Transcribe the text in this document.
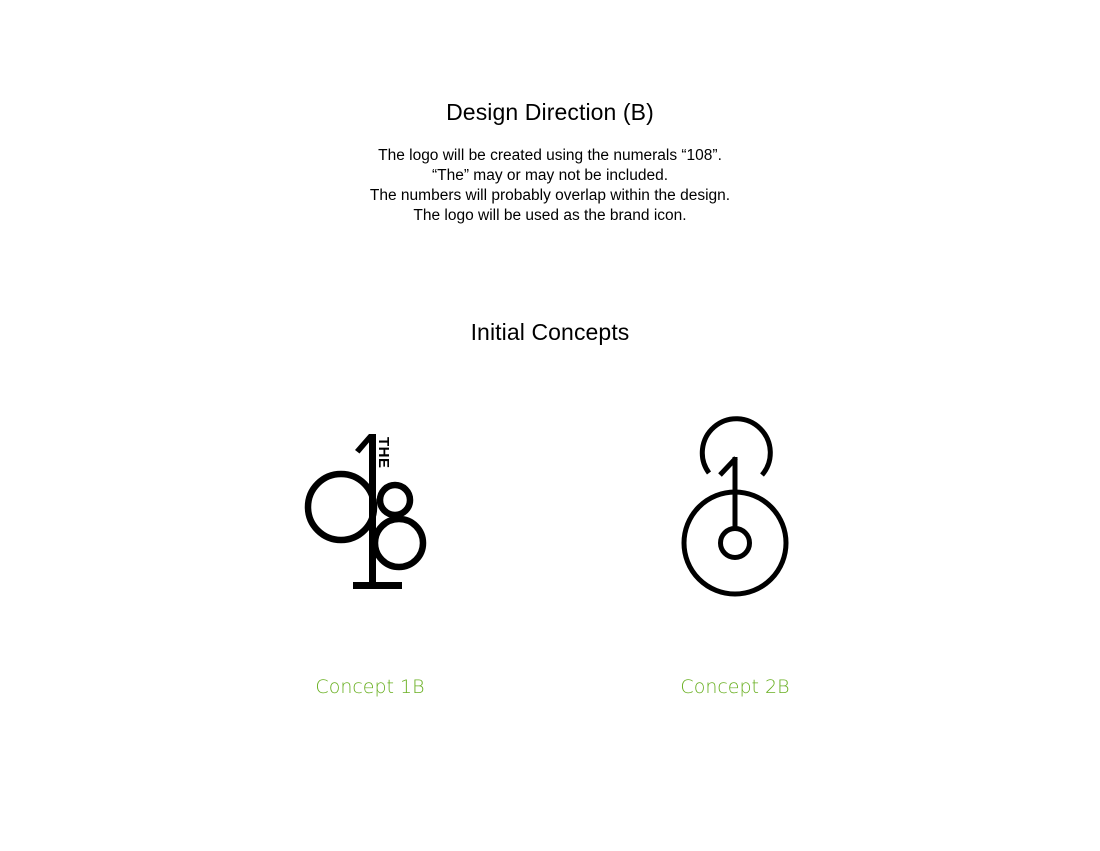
Design Direction (B)

The logo will be created using the numerals “108”.
“The” may or may not be included.
The numbers will probably overlap within the design.
The logo will be used as the brand icon.

Initial Concepts
THE
Concept 1B	Concept 2B
